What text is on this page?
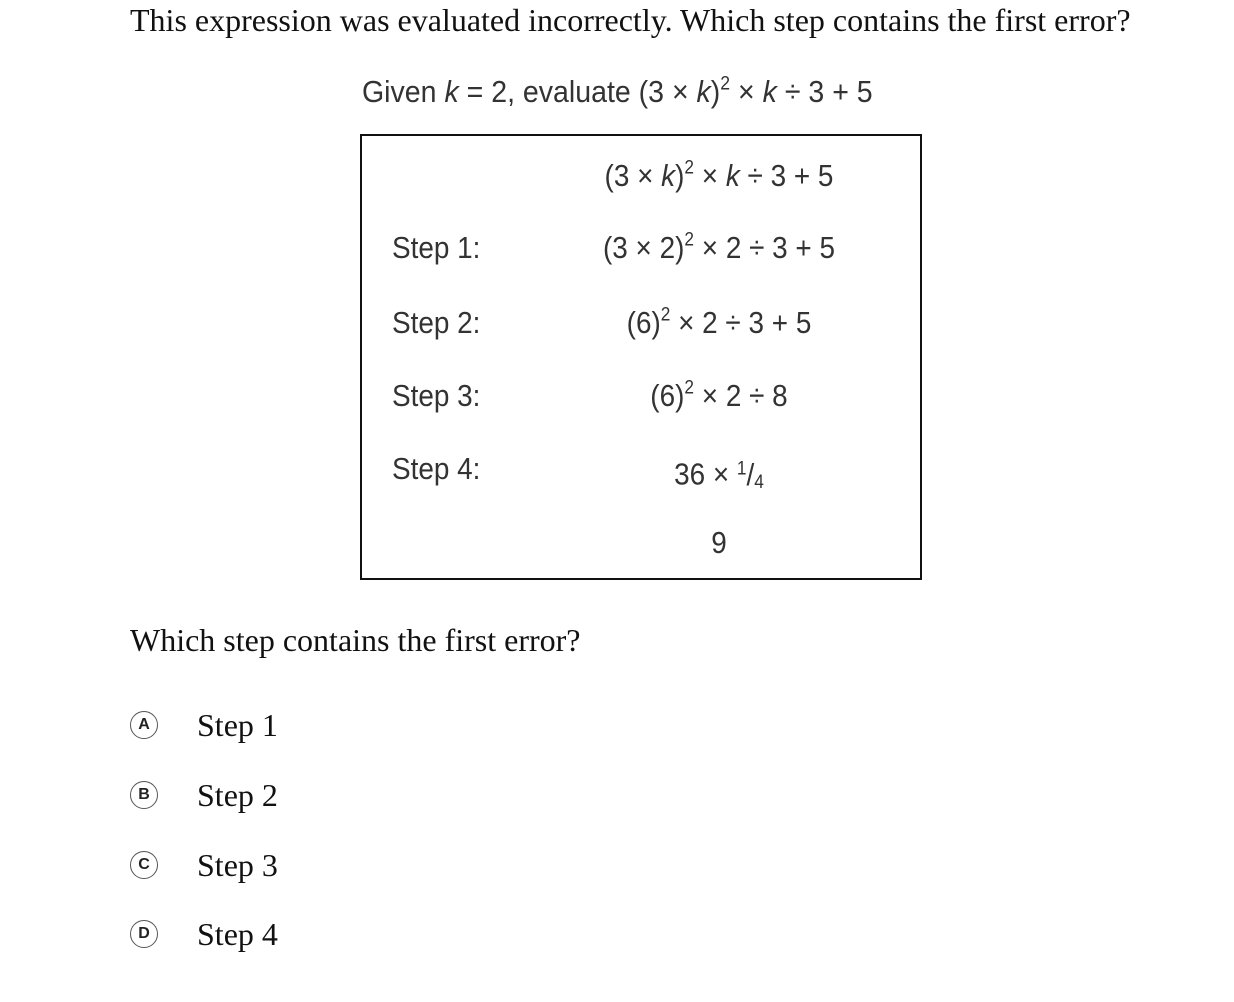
This expression was evaluated incorrectly. Which step contains the first error?
Given k = 2, evaluate $(3 \times k)^2 \times k \div 3 + 5$
$(3 \times k)^2 \times k \div 3 + 5$
Step 1:	$(3 \times 2)^2 \times 2 \div 3 + 5$
Step 2:	$(6)^2 \times 2 \div 3 + 5$
Step 3:	$(6)^2 \times 2 \div 8$
Step 4:	36 × $^1$/4
9
Which step contains the first error?
A Step 1
B Step 2
C Step 3
D Step 4
